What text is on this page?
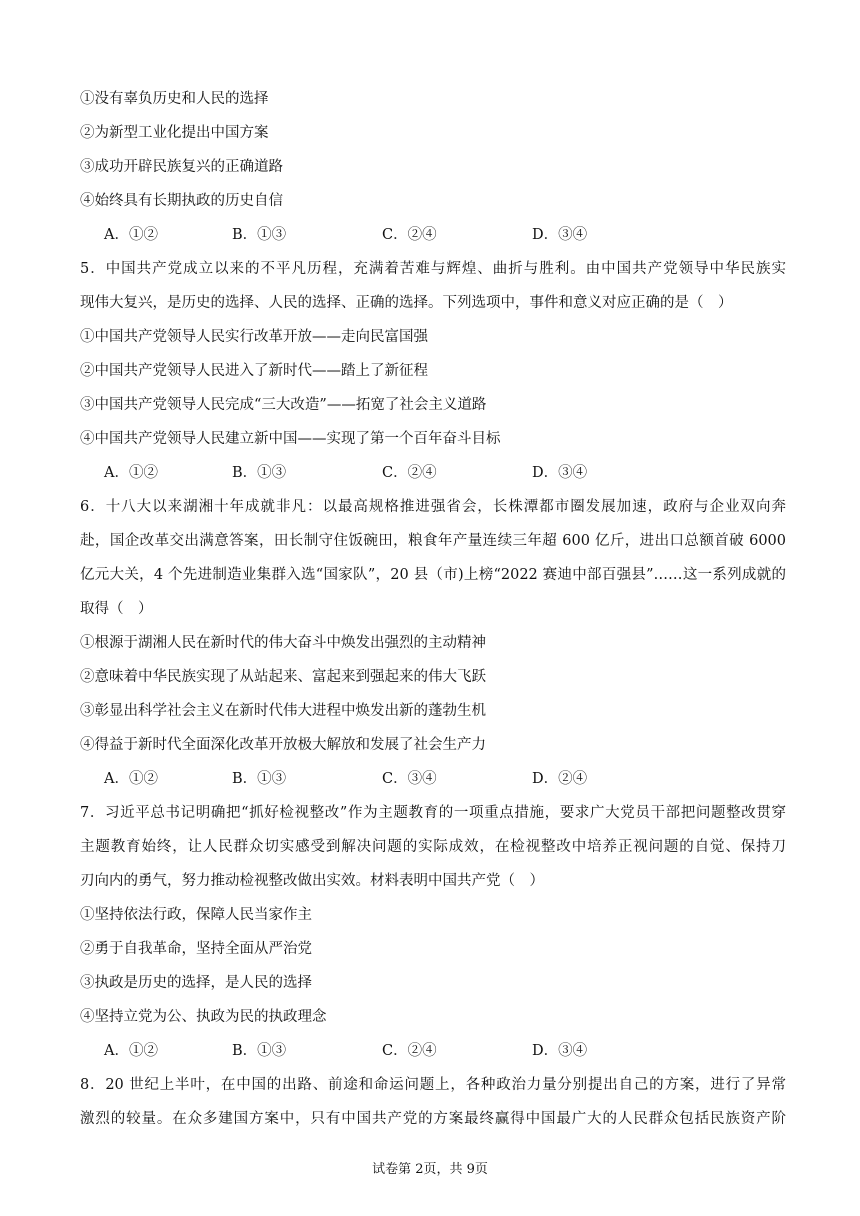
①没有辜负历史和人民的选择
②为新型工业化提出中国方案
③成功开辟民族复兴的正确道路
④始终具有长期执政的历史自信
A．①②	B．①③	C．②④	D．③④
5．中国共产党成立以来的不平凡历程，充满着苦难与辉煌、曲折与胜利。由中国共产党领导中华民族实
现伟大复兴，是历史的选择、人民的选择、正确的选择。下列选项中，事件和意义对应正确的是（　）
①中国共产党领导人民实行改革开放——走向民富国强
②中国共产党领导人民进入了新时代——踏上了新征程
③中国共产党领导人民完成“三大改造”——拓宽了社会主义道路
④中国共产党领导人民建立新中国——实现了第一个百年奋斗目标
A．①②	B．①③	C．②④	D．③④
6．十八大以来湖湘十年成就非凡：以最高规格推进强省会，长株潭都市圈发展加速，政府与企业双向奔
赴，国企改革交出满意答案，田长制守住饭碗田，粮食年产量连续三年超 600 亿斤，进出口总额首破 6000
亿元大关，4 个先进制造业集群入选“国家队”，20 县（市)上榜“2022 赛迪中部百强县”……这一系列成就的
取得（　）
①根源于湖湘人民在新时代的伟大奋斗中焕发出强烈的主动精神
②意味着中华民族实现了从站起来、富起来到强起来的伟大飞跃
③彰显出科学社会主义在新时代伟大进程中焕发出新的蓬勃生机
④得益于新时代全面深化改革开放极大解放和发展了社会生产力
A．①②	B．①③	C．③④	D．②④
7．习近平总书记明确把“抓好检视整改”作为主题教育的一项重点措施，要求广大党员干部把问题整改贯穿
主题教育始终，让人民群众切实感受到解决问题的实际成效，在检视整改中培养正视问题的自觉、保持刀
刃向内的勇气，努力推动检视整改做出实效。材料表明中国共产党（　）
①坚持依法行政，保障人民当家作主
②勇于自我革命，坚持全面从严治党
③执政是历史的选择，是人民的选择
④坚持立党为公、执政为民的执政理念
A．①②	B．①③	C．②④	D．③④
8．20 世纪上半叶，在中国的出路、前途和命运问题上，各种政治力量分别提出自己的方案，进行了异常
激烈的较量。在众多建国方案中，只有中国共产党的方案最终赢得中国最广大的人民群众包括民族资产阶
试卷第 2页，共 9页
